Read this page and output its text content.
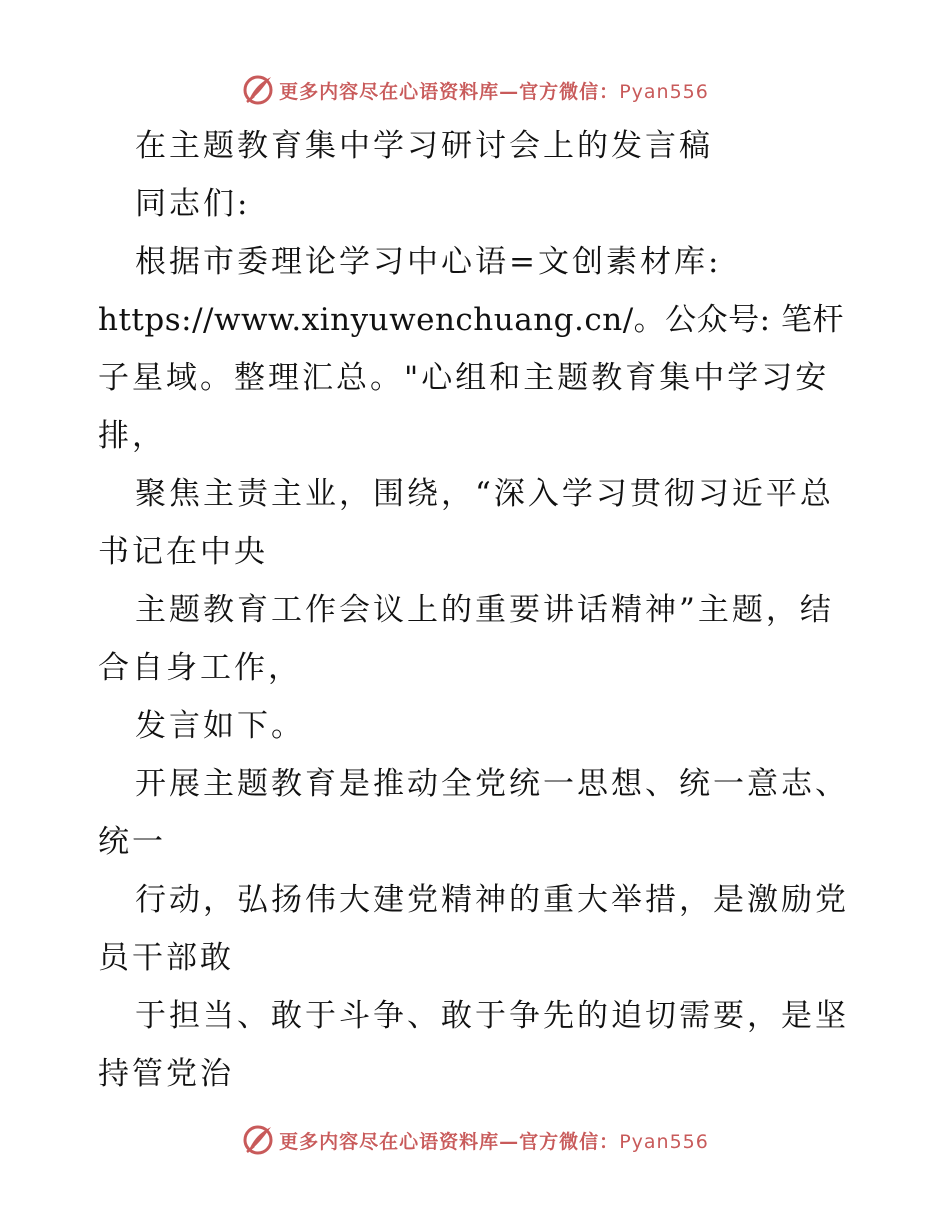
更多内容尽在心语资料库—官方微信：Pyan556
在主题教育集中学习研讨会上的发言稿
同志们:
根据市委理论学习中心语=文创素材库:
https://www.xinyuwenchuang.cn/。公众号: 笔杆
子星域。整理汇总。"心组和主题教育集中学习安
排，
聚焦主责主业，围绕，“深入学习贯彻习近平总
书记在中央
主题教育工作会议上的重要讲话精神”主题，结
合自身工作，
发言如下。
开展主题教育是推动全党统一思想、统一意志、
统一
行动，弘扬伟大建党精神的重大举措，是激励党
员干部敢
于担当、敢于斗争、敢于争先的迫切需要，是坚
持管党治
更多内容尽在心语资料库—官方微信：Pyan556
